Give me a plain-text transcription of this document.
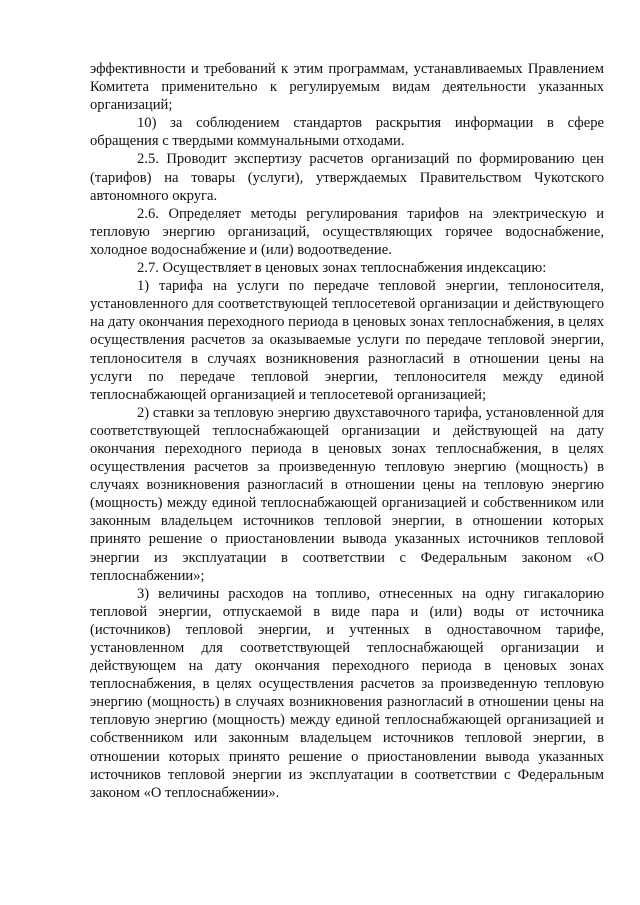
эффективности и требований к этим программам, устанавливаемых Правлением Комитета применительно к регулируемым видам деятельности указанных организаций;

10) за соблюдением стандартов раскрытия информации в сфере обращения с твердыми коммунальными отходами.

2.5. Проводит экспертизу расчетов организаций по формированию цен (тарифов) на товары (услуги), утверждаемых Правительством Чукотского автономного округа.

2.6. Определяет методы регулирования тарифов на электрическую и тепловую энергию организаций, осуществляющих горячее водоснабжение, холодное водоснабжение и (или) водоотведение.

2.7. Осуществляет в ценовых зонах теплоснабжения индексацию:

1) тарифа на услуги по передаче тепловой энергии, теплоносителя, установленного для соответствующей теплосетевой организации и действующего на дату окончания переходного периода в ценовых зонах теплоснабжения, в целях осуществления расчетов за оказываемые услуги по передаче тепловой энергии, теплоносителя в случаях возникновения разногласий в отношении цены на услуги по передаче тепловой энергии, теплоносителя между единой теплоснабжающей организацией и теплосетевой организацией;

2) ставки за тепловую энергию двухставочного тарифа, установленной для соответствующей теплоснабжающей организации и действующей на дату окончания переходного периода в ценовых зонах теплоснабжения, в целях осуществления расчетов за произведенную тепловую энергию (мощность) в случаях возникновения разногласий в отношении цены на тепловую энергию (мощность) между единой теплоснабжающей организацией и собственником или законным владельцем источников тепловой энергии, в отношении которых принято решение о приостановлении вывода указанных источников тепловой энергии из эксплуатации в соответствии с Федеральным законом «О теплоснабжении»;

3) величины расходов на топливо, отнесенных на одну гигакалорию тепловой энергии, отпускаемой в виде пара и (или) воды от источника (источников) тепловой энергии, и учтенных в одноставочном тарифе, установленном для соответствующей теплоснабжающей организации и действующем на дату окончания переходного периода в ценовых зонах теплоснабжения, в целях осуществления расчетов за произведенную тепловую энергию (мощность) в случаях возникновения разногласий в отношении цены на тепловую энергию (мощность) между единой теплоснабжающей организацией и собственником или законным владельцем источников тепловой энергии, в отношении которых принято решение о приостановлении вывода указанных источников тепловой энергии из эксплуатации в соответствии с Федеральным законом «О теплоснабжении».
